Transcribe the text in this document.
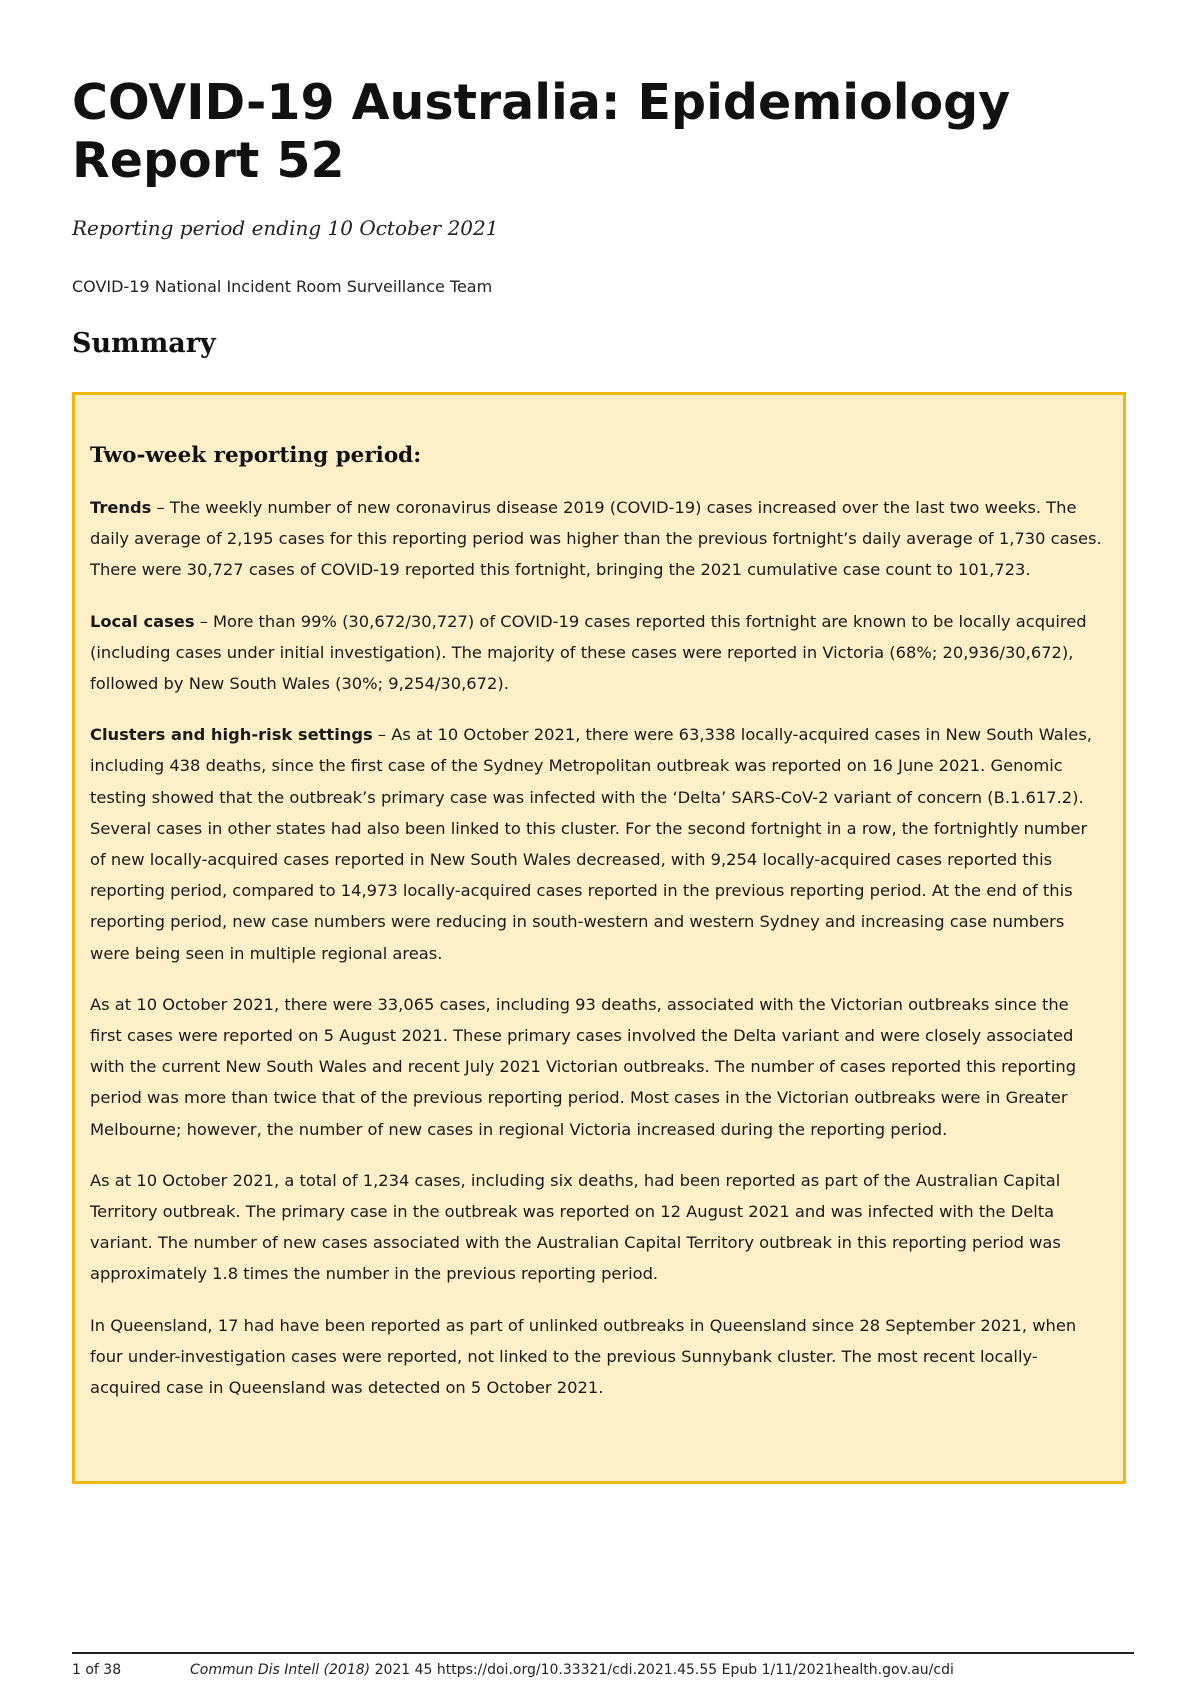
COVID-19 Australia: Epidemiology Report 52

Reporting period ending 10 October 2021

COVID-19 National Incident Room Surveillance Team

Summary
Two-week reporting period:

Trends – The weekly number of new coronavirus disease 2019 (COVID-19) cases increased over the last two weeks. The daily average of 2,195 cases for this reporting period was higher than the previous fortnight’s daily average of 1,730 cases. There were 30,727 cases of COVID-19 reported this fortnight, bringing the 2021 cumulative case count to 101,723.

Local cases – More than 99% (30,672/30,727) of COVID-19 cases reported this fortnight are known to be locally acquired (including cases under initial investigation). The majority of these cases were reported in Victoria (68%; 20,936/30,672), followed by New South Wales (30%; 9,254/30,672).

Clusters and high-risk settings – As at 10 October 2021, there were 63,338 locally-acquired cases in New South Wales, including 438 deaths, since the first case of the Sydney Metropolitan outbreak was reported on 16 June 2021. Genomic testing showed that the outbreak’s primary case was infected with the ‘Delta’ SARS-CoV-2 variant of concern (B.1.617.2). Several cases in other states had also been linked to this cluster. For the second fortnight in a row, the fortnightly number of new locally-acquired cases reported in New South Wales decreased, with 9,254 locally-acquired cases reported this reporting period, compared to 14,973 locally-acquired cases reported in the previous reporting period. At the end of this reporting period, new case numbers were reducing in south-western and western Sydney and increasing case numbers were being seen in multiple regional areas.

As at 10 October 2021, there were 33,065 cases, including 93 deaths, associated with the Victorian outbreaks since the first cases were reported on 5 August 2021. These primary cases involved the Delta variant and were closely associated with the current New South Wales and recent July 2021 Victorian outbreaks. The number of cases reported this reporting period was more than twice that of the previous reporting period. Most cases in the Victorian outbreaks were in Greater Melbourne; however, the number of new cases in regional Victoria increased during the reporting period.

As at 10 October 2021, a total of 1,234 cases, including six deaths, had been reported as part of the Australian Capital Territory outbreak. The primary case in the outbreak was reported on 12 August 2021 and was infected with the Delta variant. The number of new cases associated with the Australian Capital Territory outbreak in this reporting period was approximately 1.8 times the number in the previous reporting period.

In Queensland, 17 had have been reported as part of unlinked outbreaks in Queensland since 28 September 2021, when four under-investigation cases were reported, not linked to the previous Sunnybank cluster. The most recent locally-acquired case in Queensland was detected on 5 October 2021.

1 of 38	Commun Dis Intell (2018) 2021 45 https://doi.org/10.33321/cdi.2021.45.55 Epub 1/11/2021health.gov.au/cdi
